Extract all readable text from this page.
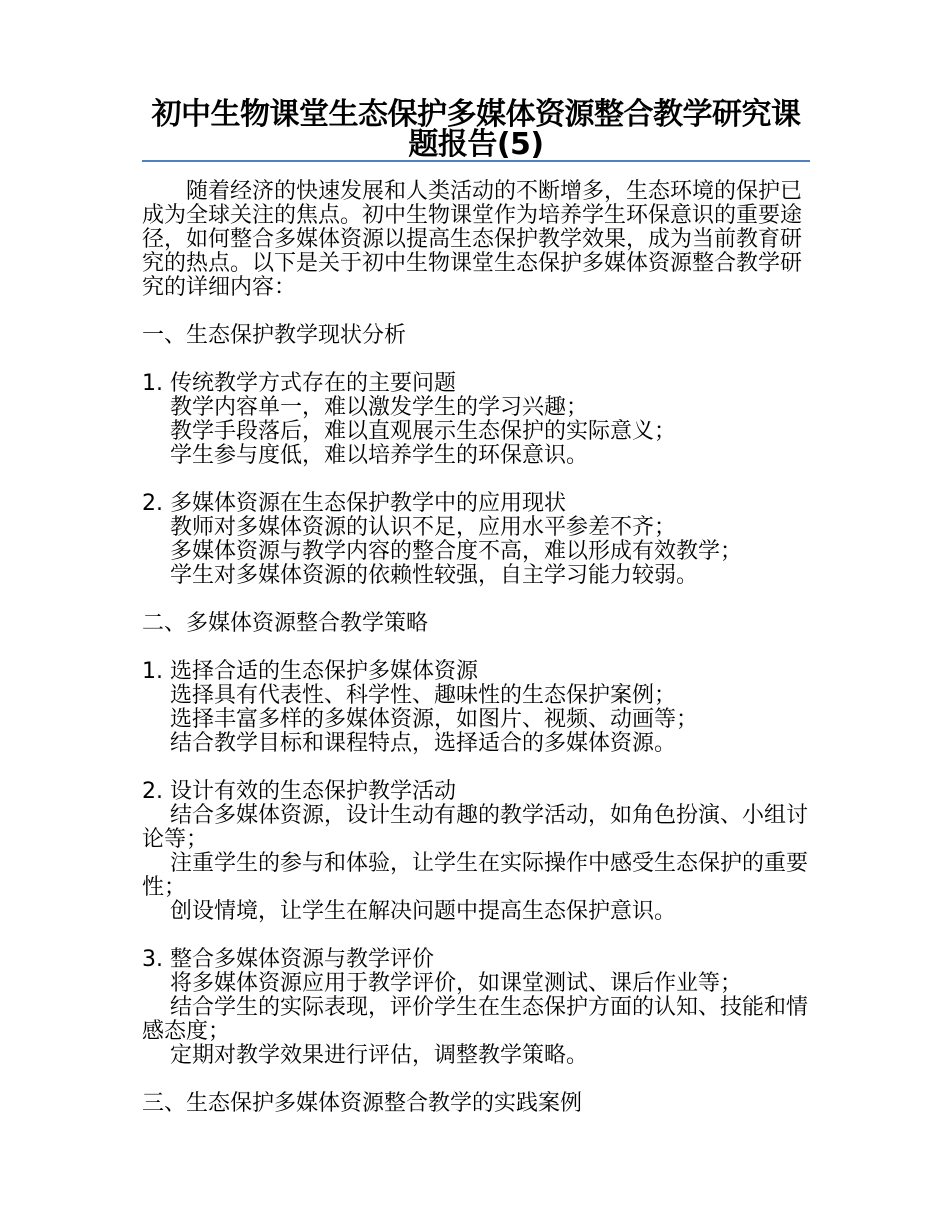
初中生物课堂生态保护多媒体资源整合教学研究课题报告(5)

随着经济的快速发展和人类活动的不断增多，生态环境的保护已成为全球关注的焦点。初中生物课堂作为培养学生环保意识的重要途径，如何整合多媒体资源以提高生态保护教学效果，成为当前教育研究的热点。以下是关于初中生物课堂生态保护多媒体资源整合教学研究的详细内容：

一、生态保护教学现状分析

1. 传统教学方式存在的主要问题

教学内容单一，难以激发学生的学习兴趣；

教学手段落后，难以直观展示生态保护的实际意义；

学生参与度低，难以培养学生的环保意识。

2. 多媒体资源在生态保护教学中的应用现状

教师对多媒体资源的认识不足，应用水平参差不齐；

多媒体资源与教学内容的整合度不高，难以形成有效教学；

学生对多媒体资源的依赖性较强，自主学习能力较弱。

二、多媒体资源整合教学策略

1. 选择合适的生态保护多媒体资源

选择具有代表性、科学性、趣味性的生态保护案例；

选择丰富多样的多媒体资源，如图片、视频、动画等；

结合教学目标和课程特点，选择适合的多媒体资源。

2. 设计有效的生态保护教学活动

结合多媒体资源，设计生动有趣的教学活动，如角色扮演、小组讨论等；

注重学生的参与和体验，让学生在实际操作中感受生态保护的重要性；

创设情境，让学生在解决问题中提高生态保护意识。

3. 整合多媒体资源与教学评价

将多媒体资源应用于教学评价，如课堂测试、课后作业等；

结合学生的实际表现，评价学生在生态保护方面的认知、技能和情感态度；

定期对教学效果进行评估，调整教学策略。

三、生态保护多媒体资源整合教学的实践案例
